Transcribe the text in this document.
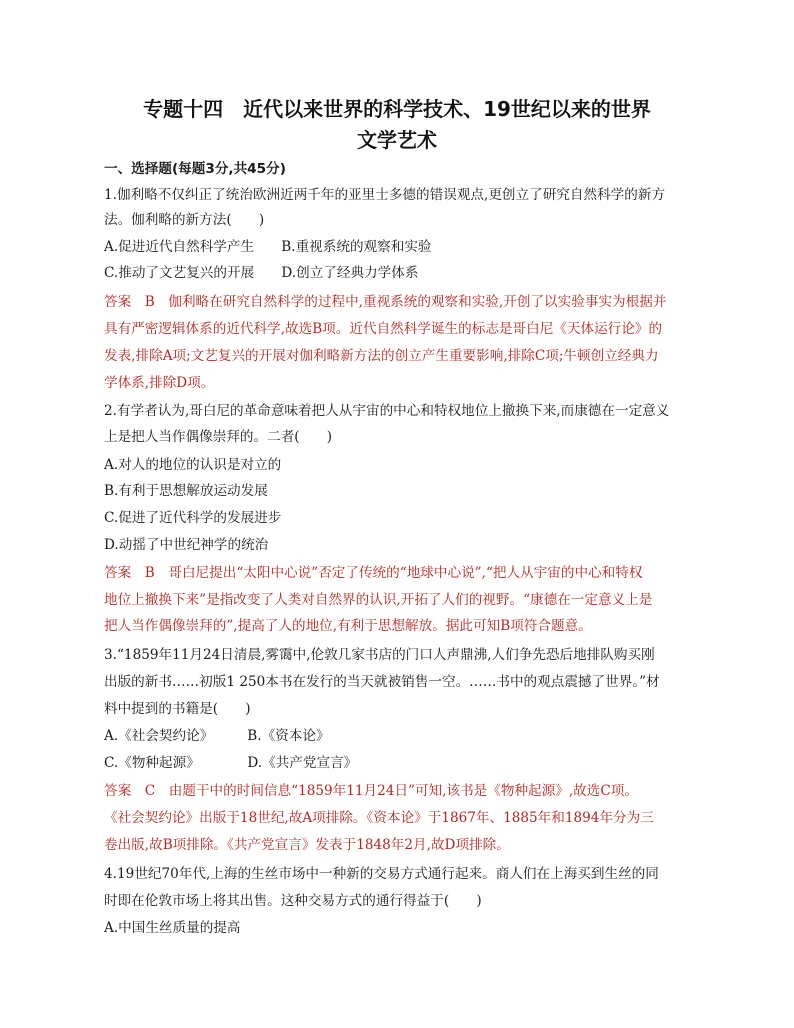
专题十四　近代以来世界的科学技术、19世纪以来的世界
文学艺术
一、选择题(每题3分,共45分)
1.伽利略不仅纠正了统治欧洲近两千年的亚里士多德的错误观点,更创立了研究自然科学的新方
法。伽利略的新方法(　　)
A.促进近代自然科学产生　　B.重视系统的观察和实验
C.推动了文艺复兴的开展　　D.创立了经典力学体系
答案　B　伽利略在研究自然科学的过程中,重视系统的观察和实验,开创了以实验事实为根据并
具有严密逻辑体系的近代科学,故选B项。近代自然科学诞生的标志是哥白尼《天体运行论》的
发表,排除A项;文艺复兴的开展对伽利略新方法的创立产生重要影响,排除C项;牛顿创立经典力
学体系,排除D项。
2.有学者认为,哥白尼的革命意味着把人从宇宙的中心和特权地位上撤换下来,而康德在一定意义
上是把人当作偶像崇拜的。二者(　　)
A.对人的地位的认识是对立的
B.有利于思想解放运动发展
C.促进了近代科学的发展进步
D.动摇了中世纪神学的统治
答案　B　哥白尼提出“太阳中心说”否定了传统的“地球中心说”,“把人从宇宙的中心和特权
地位上撤换下来”是指改变了人类对自然界的认识,开拓了人们的视野。“康德在一定意义上是
把人当作偶像崇拜的”,提高了人的地位,有利于思想解放。据此可知B项符合题意。
3.“1859年11月24日清晨,雾霭中,伦敦几家书店的门口人声鼎沸,人们争先恐后地排队购买刚
出版的新书……初版1 250本书在发行的当天就被销售一空。……书中的观点震撼了世界。”材
料中提到的书籍是(　　)
A.《社会契约论》　　　B.《资本论》
C.《物种起源》　　　　D.《共产党宣言》
答案　C　由题干中的时间信息“1859年11月24日”可知,该书是《物种起源》,故选C项。
《社会契约论》出版于18世纪,故A项排除。《资本论》于1867年、1885年和1894年分为三
卷出版,故B项排除。《共产党宣言》发表于1848年2月,故D项排除。
4.19世纪70年代,上海的生丝市场中一种新的交易方式通行起来。商人们在上海买到生丝的同
时即在伦敦市场上将其出售。这种交易方式的通行得益于(　　)
A.中国生丝质量的提高
